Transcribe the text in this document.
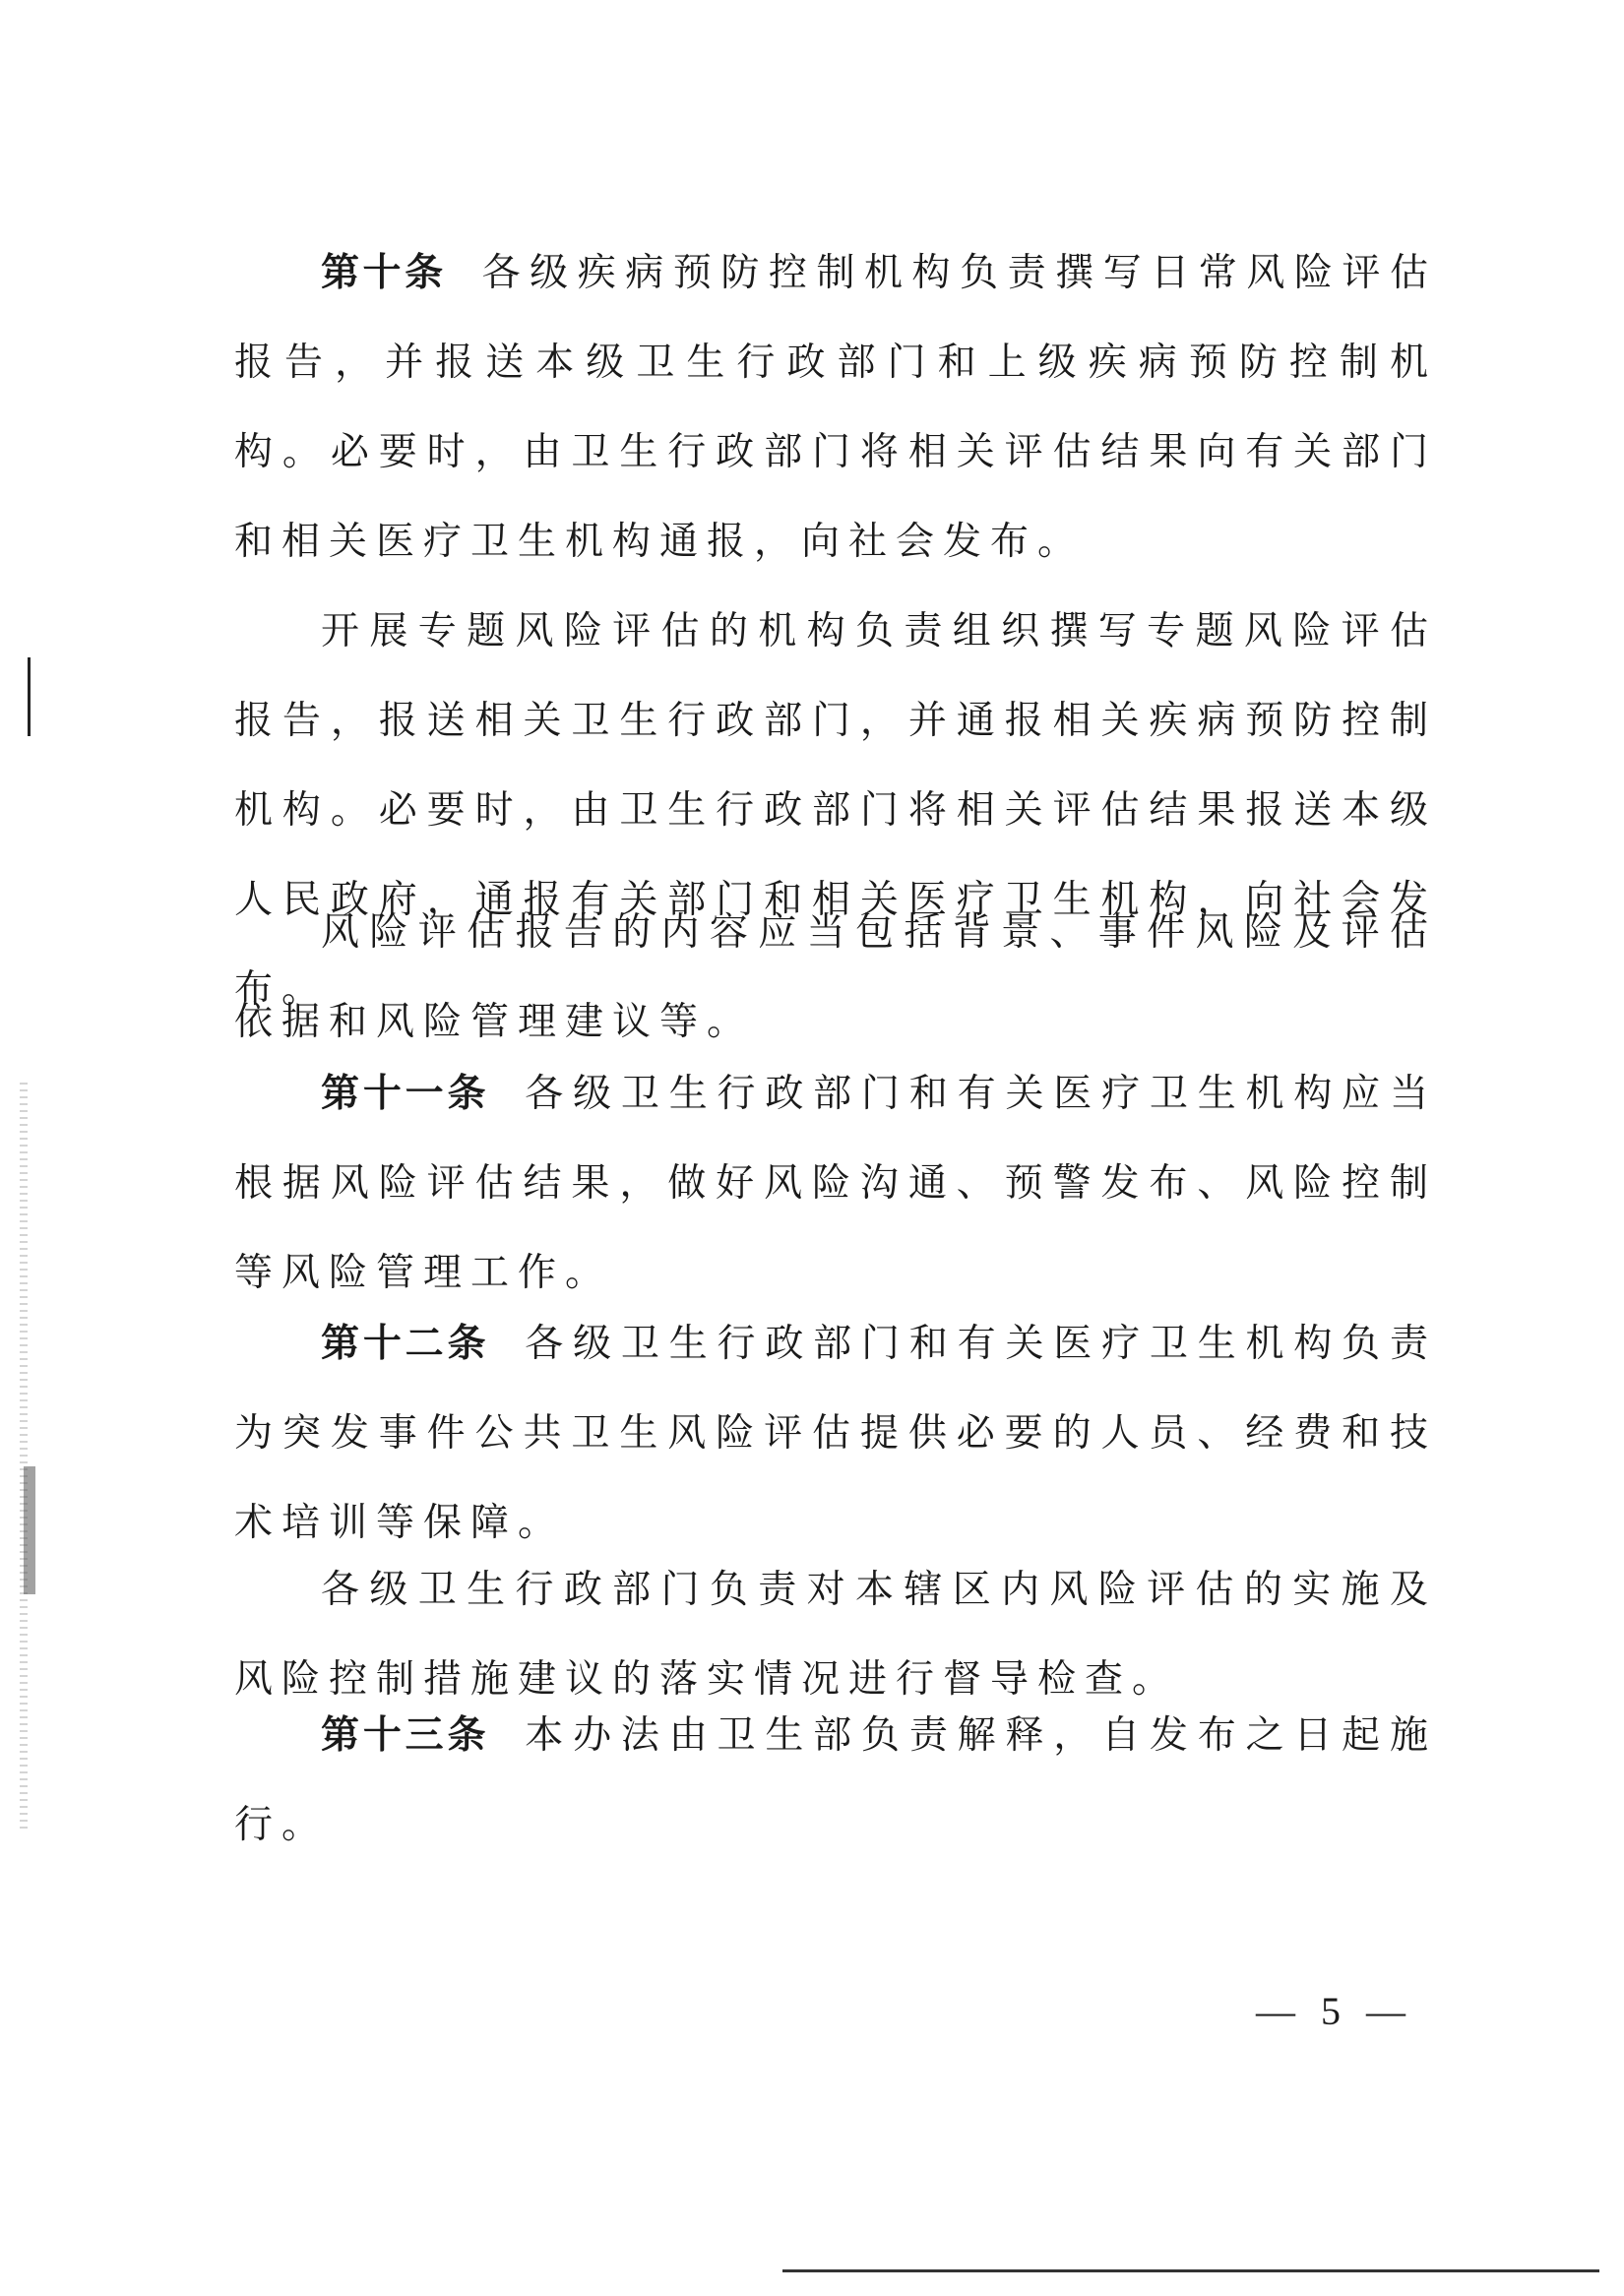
第十条 各级疾病预防控制机构负责撰写日常风险评估报告，并报送本级卫生行政部门和上级疾病预防控制机构。必要时，由卫生行政部门将相关评估结果向有关部门和相关医疗卫生机构通报，向社会发布。

开展专题风险评估的机构负责组织撰写专题风险评估报告，报送相关卫生行政部门，并通报相关疾病预防控制机构。必要时，由卫生行政部门将相关评估结果报送本级人民政府，通报有关部门和相关医疗卫生机构，向社会发布。

风险评估报告的内容应当包括背景、事件风险及评估依据和风险管理建议等。

第十一条 各级卫生行政部门和有关医疗卫生机构应当根据风险评估结果，做好风险沟通、预警发布、风险控制等风险管理工作。

第十二条 各级卫生行政部门和有关医疗卫生机构负责为突发事件公共卫生风险评估提供必要的人员、经费和技术培训等保障。

各级卫生行政部门负责对本辖区内风险评估的实施及风险控制措施建议的落实情况进行督导检查。

第十三条 本办法由卫生部负责解释，自发布之日起施行。

— 5 —
